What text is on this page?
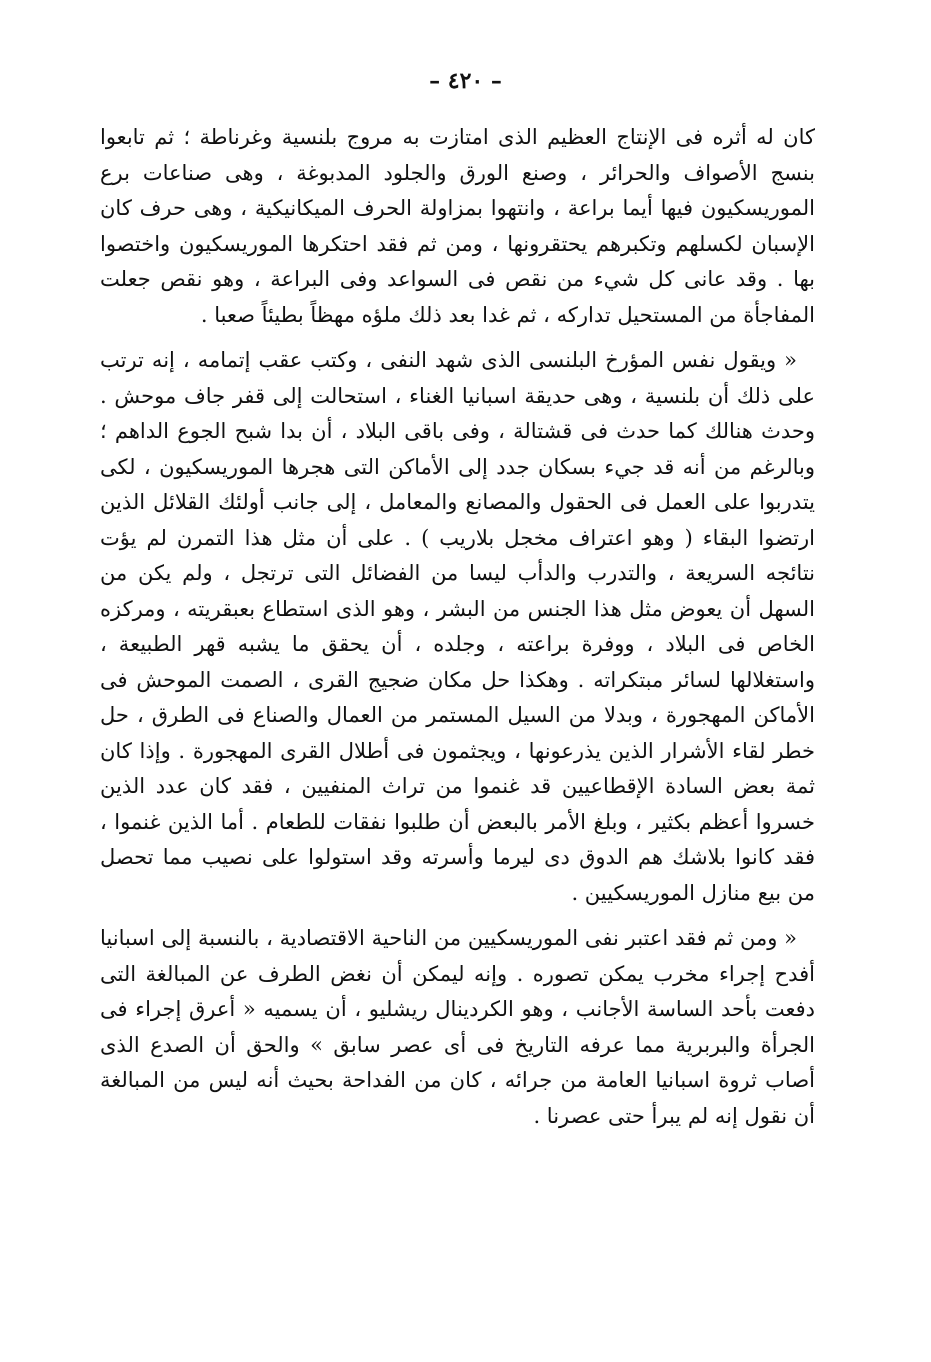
– ٤٢٠ –

كان له أثره فى الإنتاج العظيم الذى امتازت به مروج بلنسية وغرناطة ؛ ثم تابعوا بنسج الأصواف والحرائر ، وصنع الورق والجلود المدبوغة ، وهى صناعات برع الموريسكيون فيها أيما براعة ، وانتهوا بمزاولة الحرف الميكانيكية ، وهى حرف كان الإسبان لكسلهم وتكبرهم يحتقرونها ، ومن ثم فقد احتكرها الموريسكيون واختصوا بها . وقد عانى كل شيء من نقص فى السواعد وفى البراعة ، وهو نقص جعلت المفاجأة من المستحيل تداركه ، ثم غدا بعد ذلك ملؤه مهظاً بطيئاً صعبا .

« ويقول نفس المؤرخ البلنسى الذى شهد النفى ، وكتب عقب إتمامه ، إنه ترتب على ذلك أن بلنسية ، وهى حديقة اسبانيا الغناء ، استحالت إلى قفر جاف موحش . وحدث هنالك كما حدث فى قشتالة ، وفى باقى البلاد ، أن بدا شبح الجوع الداهم ؛ وبالرغم من أنه قد جيء بسكان جدد إلى الأماكن التى هجرها الموريسكيون ، لكى يتدربوا على العمل فى الحقول والمصانع والمعامل ، إلى جانب أولئك القلائل الذين ارتضوا البقاء ( وهو اعتراف مخجل بلاريب ) . على أن مثل هذا التمرن لم يؤت نتائجه السريعة ، والتدرب والدأب ليسا من الفضائل التى ترتجل ، ولم يكن من السهل أن يعوض مثل هذا الجنس من البشر ، وهو الذى استطاع بعبقريته ، ومركزه الخاص فى البلاد ، ووفرة براعته ، وجلده ، أن يحقق ما يشبه قهر الطبيعة ، واستغلالها لسائر مبتكراته . وهكذا حل مكان ضجيج القرى ، الصمت الموحش فى الأماكن المهجورة ، وبدلا من السيل المستمر من العمال والصناع فى الطرق ، حل خطر لقاء الأشرار الذين يذرعونها ، ويجثمون فى أطلال القرى المهجورة . وإذا كان ثمة بعض السادة الإقطاعيين قد غنموا من تراث المنفيين ، فقد كان عدد الذين خسروا أعظم بكثير ، وبلغ الأمر بالبعض أن طلبوا نفقات للطعام . أما الذين غنموا ، فقد كانوا بلاشك هم الدوق دى ليرما وأسرته وقد استولوا على نصيب مما تحصل من بيع منازل الموريسكيين .

« ومن ثم فقد اعتبر نفى الموريسكيين من الناحية الاقتصادية ، بالنسبة إلى اسبانيا أفدح إجراء مخرب يمكن تصوره . وإنه ليمكن أن نغض الطرف عن المبالغة التى دفعت بأحد الساسة الأجانب ، وهو الكردينال ريشليو ، أن يسميه « أعرق إجراء فى الجرأة والبربرية مما عرفه التاريخ فى أى عصر سابق » والحق أن الصدع الذى أصاب ثروة اسبانيا العامة من جرائه ، كان من الفداحة بحيث أنه ليس من المبالغة أن نقول إنه لم يبرأ حتى عصرنا .
